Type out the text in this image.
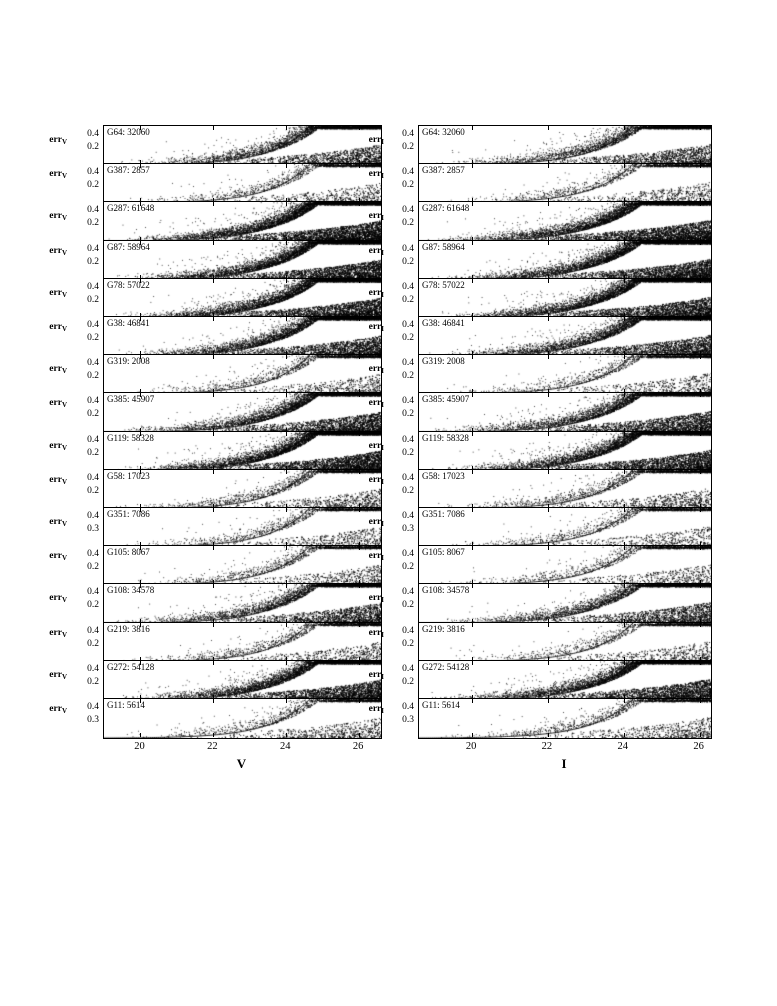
G64: 32060
G387: 2857
G287: 61648
G87: 58964
G78: 57022
G38: 46841
G319: 2008
G385: 45907
G119: 58328
G58: 17023
G351: 7086
G105: 8067
G108: 34578
G219: 3816
G272: 54128
G11: 5614
err$_V$
0.4
0.2
err$_V$	0.4
0.2
err$_V$
0.4
0.2
err$_V$	0.4
0.2
err$_V$
0.4
0.2
err$_V$	0.4
0.2
err$_V$
0.4
0.2
err$_V$	0.4
0.2
err$_V$
0.4
0.2
err$_V$	0.4
0.2
err$_V$
0.4
0.3
err$_V$	0.4
0.2
err$_V$
0.4
0.2
err$_V$	0.4
0.2
err$_V$
0.4
0.2
err$_V$	0.4
0.3
20	22	24	26
V
G64: 32060
G387: 2857
G287: 61648
G87: 58964
G78: 57022
G38: 46841
G319: 2008
G385: 45907
G119: 58328
G58: 17023
G351: 7086
G105: 8067
G108: 34578
G219: 3816
G272: 54128
G11: 5614
err$_I$
0.4
0.2
err$_I$	0.4
0.2
err$_I$
0.4
0.2
err$_I$	0.4
0.2
err$_I$
0.4
0.2
err$_I$	0.4
0.2
err$_I$
0.4
0.2
err$_I$	0.4
0.2
err$_I$
0.4
0.2
err$_I$	0.4
0.2
err$_I$
0.4
0.3
err$_I$	0.4
0.2
err$_I$
0.4
0.2
err$_I$	0.4
0.2
err$_I$
0.4
0.2
err$_I$	0.4
0.3
20	22	24	26
I
